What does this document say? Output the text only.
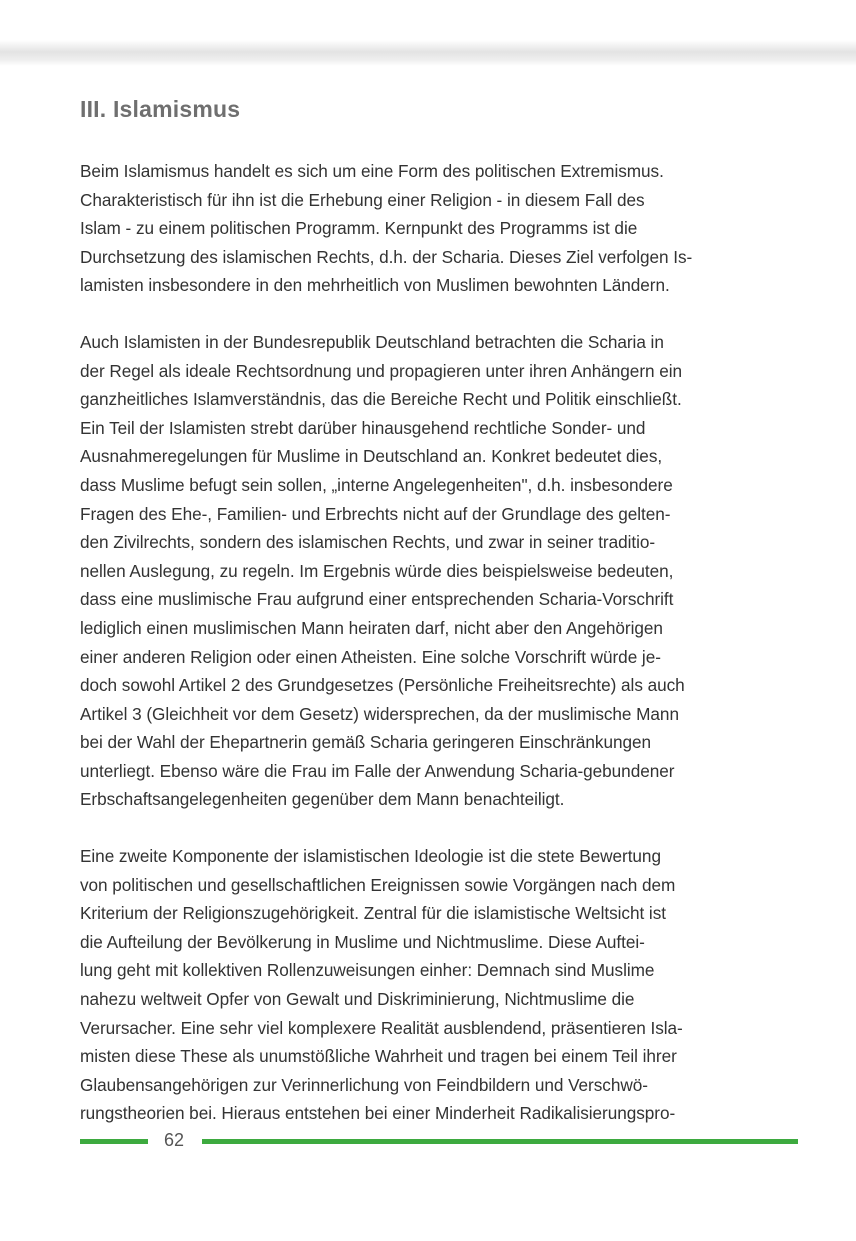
III. Islamismus
Beim Islamismus handelt es sich um eine Form des politischen Extremismus.
Charakteristisch für ihn ist die Erhebung einer Religion - in diesem Fall des
Islam - zu einem politischen Programm. Kernpunkt des Programms ist die
Durchsetzung des islamischen Rechts, d.h. der Scharia. Dieses Ziel verfolgen Is-
lamisten insbesondere in den mehrheitlich von Muslimen bewohnten Ländern.
Auch Islamisten in der Bundesrepublik Deutschland betrachten die Scharia in
der Regel als ideale Rechtsordnung und propagieren unter ihren Anhängern ein
ganzheitliches Islamverständnis, das die Bereiche Recht und Politik einschließt.
Ein Teil der Islamisten strebt darüber hinausgehend rechtliche Sonder- und
Ausnahmeregelungen für Muslime in Deutschland an. Konkret bedeutet dies,
dass Muslime befugt sein sollen, „interne Angelegenheiten", d.h. insbesondere
Fragen des Ehe-, Familien- und Erbrechts nicht auf der Grundlage des gelten-
den Zivilrechts, sondern des islamischen Rechts, und zwar in seiner traditio-
nellen Auslegung, zu regeln. Im Ergebnis würde dies beispielsweise bedeuten,
dass eine muslimische Frau aufgrund einer entsprechenden Scharia-Vorschrift
lediglich einen muslimischen Mann heiraten darf, nicht aber den Angehörigen
einer anderen Religion oder einen Atheisten. Eine solche Vorschrift würde je-
doch sowohl Artikel 2 des Grundgesetzes (Persönliche Freiheitsrechte) als auch
Artikel 3 (Gleichheit vor dem Gesetz) widersprechen, da der muslimische Mann
bei der Wahl der Ehepartnerin gemäß Scharia geringeren Einschränkungen
unterliegt. Ebenso wäre die Frau im Falle der Anwendung Scharia-gebundener
Erbschaftsangelegenheiten gegenüber dem Mann benachteiligt.
Eine zweite Komponente der islamistischen Ideologie ist die stete Bewertung
von politischen und gesellschaftlichen Ereignissen sowie Vorgängen nach dem
Kriterium der Religionszugehörigkeit. Zentral für die islamistische Weltsicht ist
die Aufteilung der Bevölkerung in Muslime und Nichtmuslime. Diese Auftei-
lung geht mit kollektiven Rollenzuweisungen einher: Demnach sind Muslime
nahezu weltweit Opfer von Gewalt und Diskriminierung, Nichtmuslime die
Verursacher. Eine sehr viel komplexere Realität ausblendend, präsentieren Isla-
misten diese These als unumstößliche Wahrheit und tragen bei einem Teil ihrer
Glaubensangehörigen zur Verinnerlichung von Feindbildern und Verschwö-
rungstheorien bei. Hieraus entstehen bei einer Minderheit Radikalisierungspro-
62
